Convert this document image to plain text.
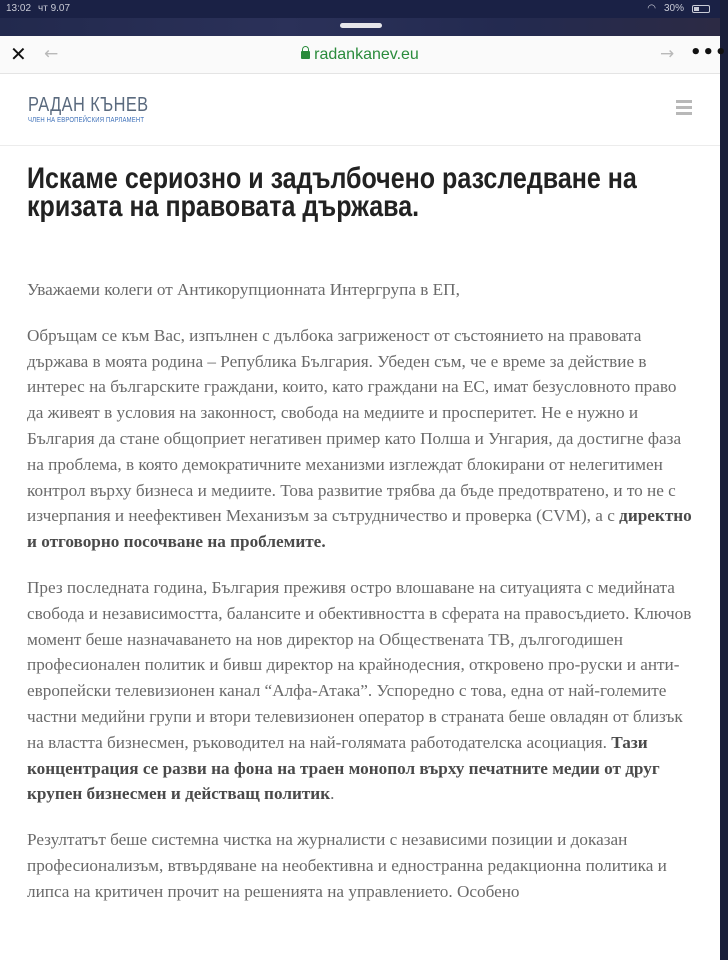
13:02 чт 9.07	◠ 30%
✕ ←	radankanev.eu	→ •••
РАДАН КЪНЕВ
ЧЛЕН НА ЕВРОПЕЙСКИЯ ПАРЛАМЕНТ
Искаме сериозно и задълбочено разследване на кризата на правовата държава.

Уважаеми колеги от Антикорупционната Интергрупа в ЕП,

Обръщам се към Вас, изпълнен с дълбока загриженост от състоянието на правовата държава в моята родина – Република България. Убеден съм, че е време за действие в интерес на българските граждани, които, като граждани на ЕС, имат безусловното право да живеят в условия на законност, свобода на медиите и просперитет. Не е нужно и България да стане общоприет негативен пример като Полша и Унгария, да достигне фаза на проблема, в която демократичните механизми изглеждат блокирани от нелегитимен контрол върху бизнеса и медиите. Това развитие трябва да бъде предотвратено, и то не с изчерпания и неефективен Механизъм за сътрудничество и проверка (CVM), а с директно и отговорно посочване на проблемите.

През последната година, България преживя остро влошаване на ситуацията с медийната свобода и независимостта, балансите и обективността в сферата на правосъдието. Ключов момент беше назначаването на нов директор на Обществената ТВ, дългогодишен професионален политик и бивш директор на крайнодесния, откровено про-руски и анти-европейски телевизионен канал “Алфа-Атака”. Успоредно с това, една от най-големите частни медийни групи и втори телевизионен оператор в страната беше овладян от близък на властта бизнесмен, ръководител на най-голямата работодателска асоциация. Тази концентрация се разви на фона на траен монопол върху печатните медии от друг крупен бизнесмен и действащ политик.

Резултатът беше системна чистка на журналисти с независими позиции и доказан професионализъм, втвърдяване на необективна и едностранна редакционна политика и липса на критичен прочит на решенията на управлението. Особено
